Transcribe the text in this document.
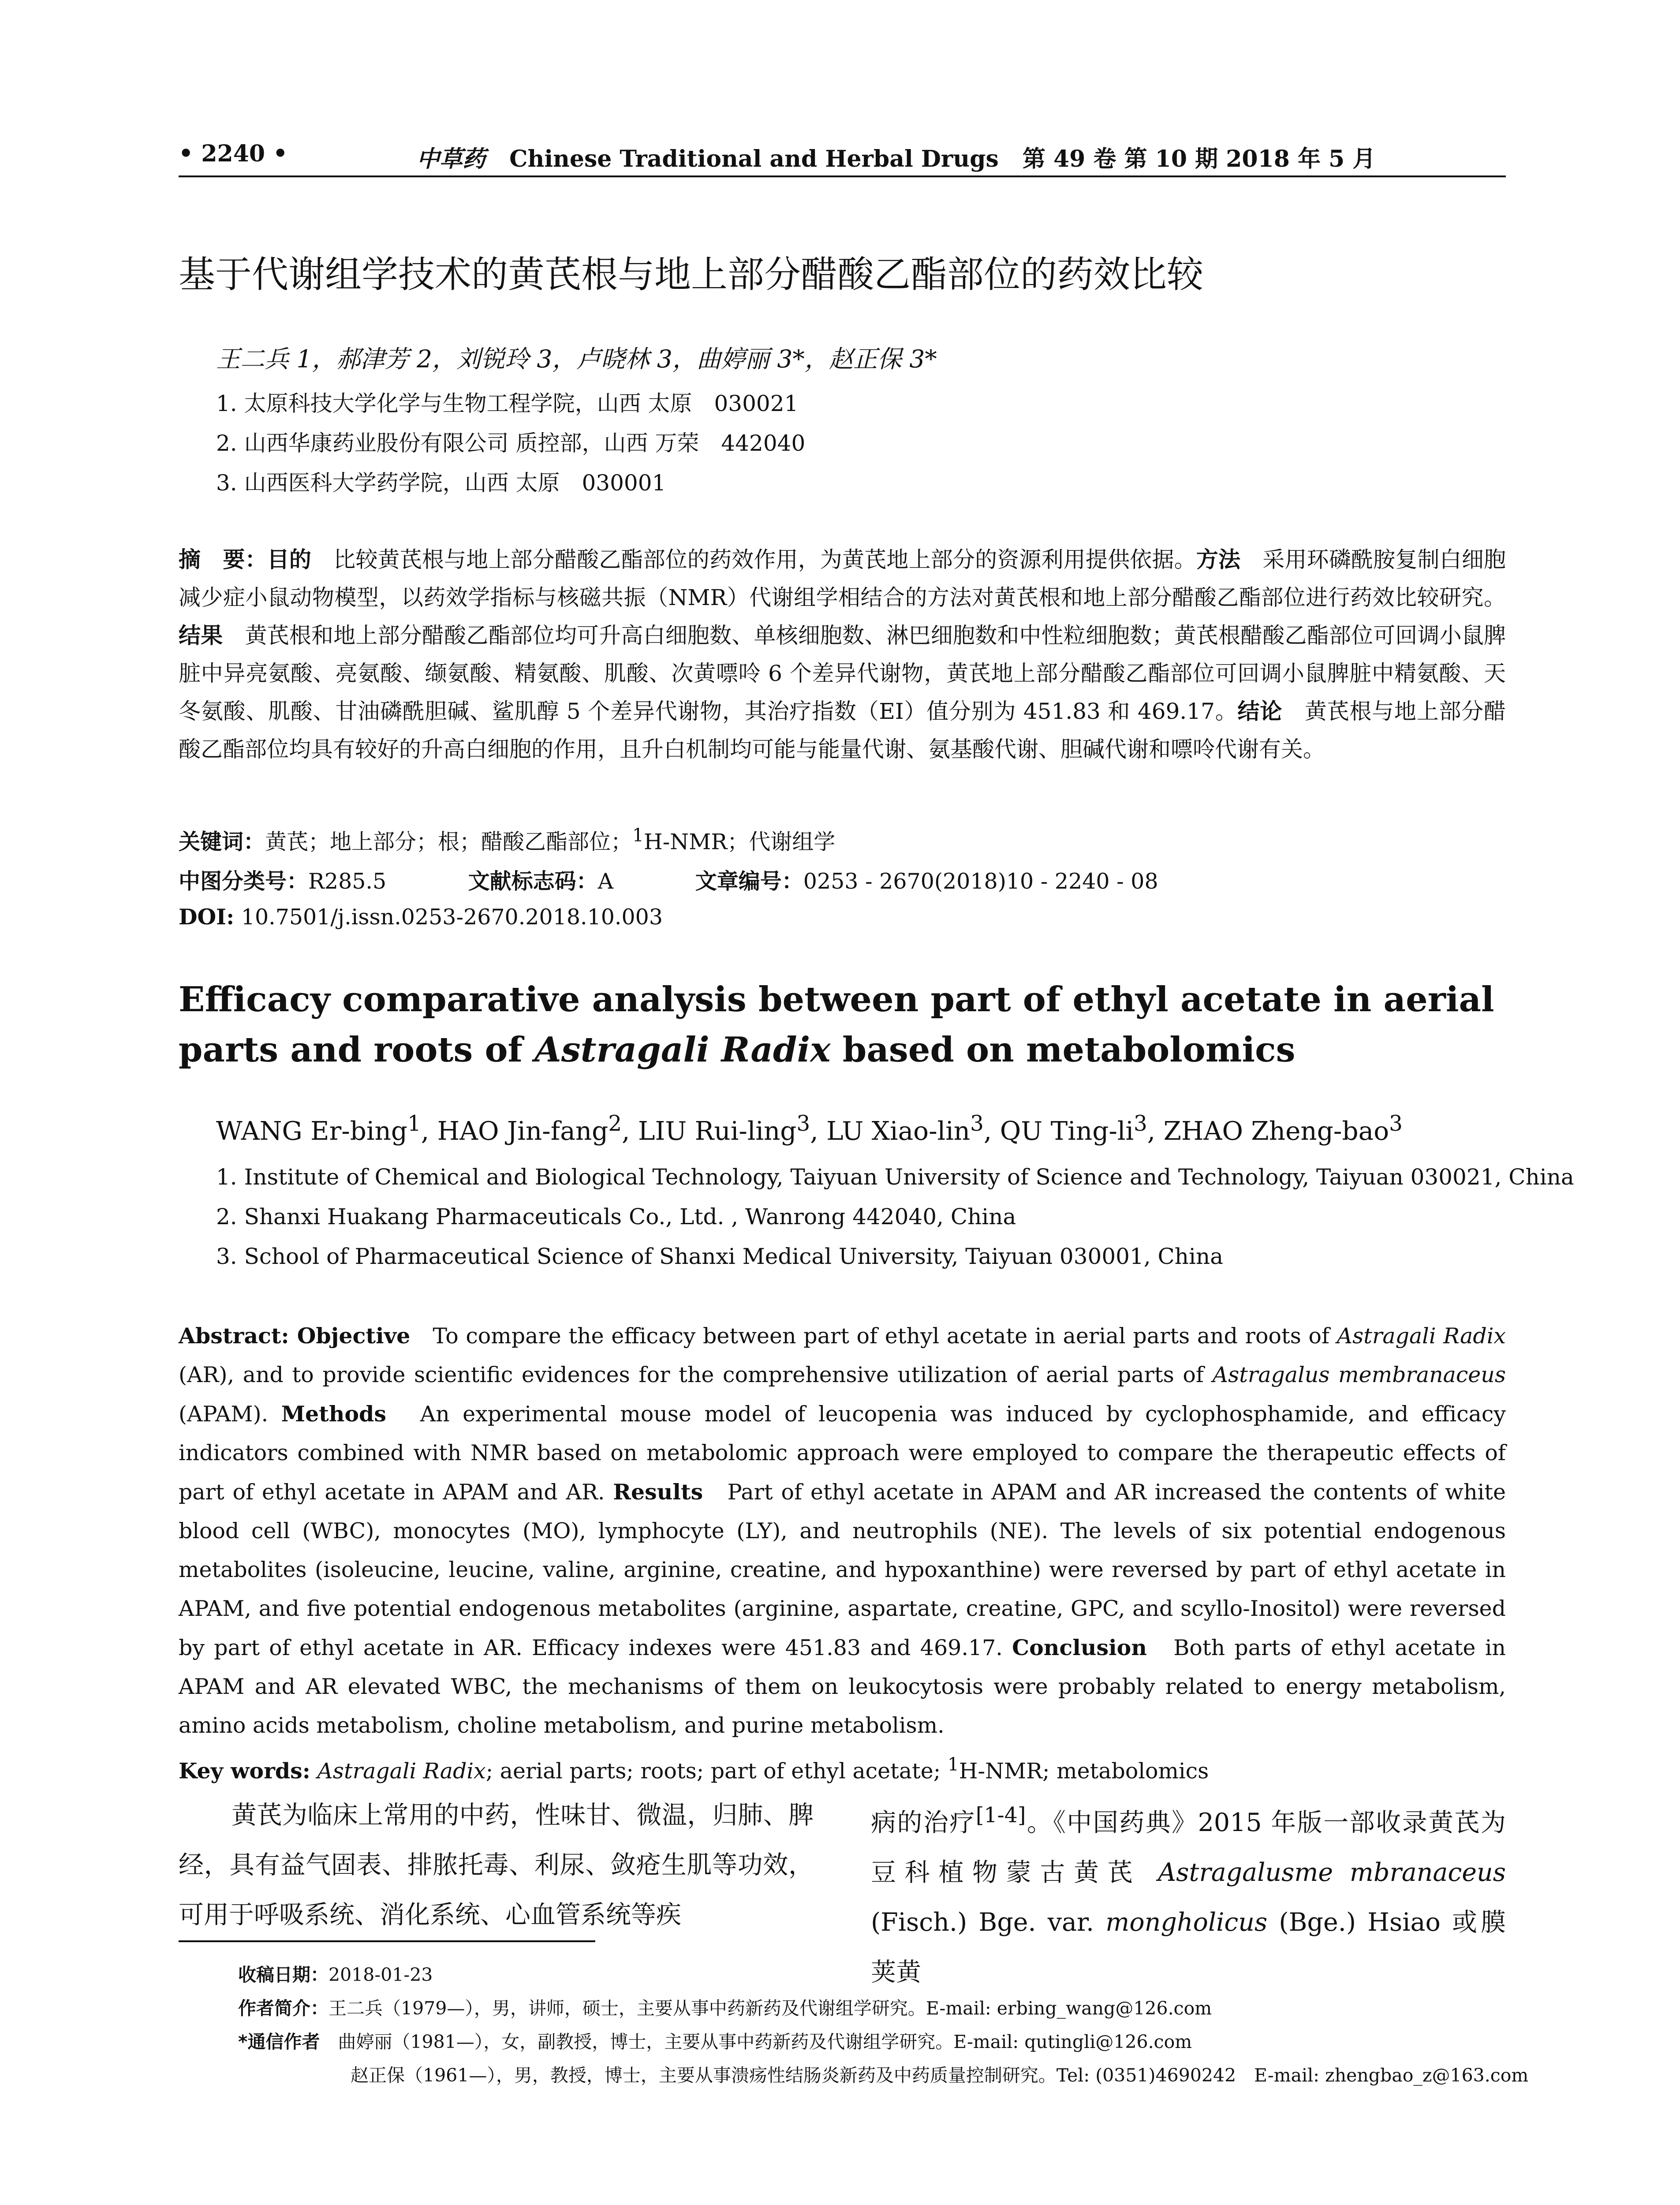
• 2240 •	中草药 Chinese Traditional and Herbal Drugs 第 49 卷 第 10 期 2018 年 5 月
基于代谢组学技术的黄芪根与地上部分醋酸乙酯部位的药效比较
王二兵 1，郝津芳 2，刘锐玲 3，卢晓林 3，曲婷丽 3*，赵正保 3*
1. 太原科技大学化学与生物工程学院，山西 太原　030021
2. 山西华康药业股份有限公司 质控部，山西 万荣　442040
3. 山西医科大学药学院，山西 太原　030001
摘　要：目的　比较黄芪根与地上部分醋酸乙酯部位的药效作用，为黄芪地上部分的资源利用提供依据。方法　采用环磷酰胺复制白细胞减少症小鼠动物模型，以药效学指标与核磁共振（NMR）代谢组学相结合的方法对黄芪根和地上部分醋酸乙酯部位进行药效比较研究。结果　黄芪根和地上部分醋酸乙酯部位均可升高白细胞数、单核细胞数、淋巴细胞数和中性粒细胞数；黄芪根醋酸乙酯部位可回调小鼠脾脏中异亮氨酸、亮氨酸、缬氨酸、精氨酸、肌酸、次黄嘌呤 6 个差异代谢物，黄芪地上部分醋酸乙酯部位可回调小鼠脾脏中精氨酸、天冬氨酸、肌酸、甘油磷酰胆碱、鲨肌醇 5 个差异代谢物，其治疗指数（EI）值分别为 451.83 和 469.17。结论　黄芪根与地上部分醋酸乙酯部位均具有较好的升高白细胞的作用，且升白机制均可能与能量代谢、氨基酸代谢、胆碱代谢和嘌呤代谢有关。
关键词：黄芪；地上部分；根；醋酸乙酯部位；$^1$H-NMR；代谢组学
中图分类号：R285.5	文献标志码：A	文章编号：0253 - 2670(2018)10 - 2240 - 08
DOI: 10.7501/j.issn.0253-2670.2018.10.003
Efficacy comparative analysis between part of ethyl acetate in aerial parts and roots of Astragali Radix based on metabolomics
WANG Er-bing$^1$, HAO Jin-fang$^2$, LIU Rui-ling$^3$, LU Xiao-lin$^3$, QU Ting-$li^3$, ZHAO Zheng-bao$^3$
1. Institute of Chemical and Biological Technology, Taiyuan University of Science and Technology, Taiyuan 030021, China
2. Shanxi Huakang Pharmaceuticals Co., Ltd. , Wanrong 442040, China
3. School of Pharmaceutical Science of Shanxi Medical University, Taiyuan 030001, China
Abstract: Objective　To compare the efficacy between part of ethyl acetate in aerial parts and roots of Astragali Radix (AR), and to provide scientific evidences for the comprehensive utilization of aerial parts of Astragalus membranaceus (APAM). Methods　An experimental mouse model of leucopenia was induced by cyclophosphamide, and efficacy indicators combined with NMR based on metabolomic approach were employed to compare the therapeutic effects of part of ethyl acetate in APAM and AR. Results　Part of ethyl acetate in APAM and AR increased the contents of white blood cell (WBC), monocytes (MO), lymphocyte (LY), and neutrophils (NE). The levels of six potential endogenous metabolites (isoleucine, leucine, valine, arginine, creatine, and hypoxanthine) were reversed by part of ethyl acetate in APAM, and five potential endogenous metabolites (arginine, aspartate, creatine, GPC, and scyllo-Inositol) were reversed by part of ethyl acetate in AR. Efficacy indexes were 451.83 and 469.17. Conclusion　Both parts of ethyl acetate in APAM and AR elevated WBC, the mechanisms of them on leukocytosis were probably related to energy metabolism, amino acids metabolism, choline metabolism, and purine metabolism.
Key words: Astragali Radix; aerial parts; roots; part of ethyl acetate; $^1$H-NMR; metabolomics
黄芪为临床上常用的中药，性味甘、微温，归肺、脾经，具有益气固表、排脓托毒、利尿、敛疮生肌等功效，可用于呼吸系统、消化系统、心血管系统等疾
病的治疗[1-4]。《中国药典》2015 年版一部收录黄芪为豆科植物蒙古黄芪 Astragalusme mbranaceus (Fisch.) Bge. var. mongholicus (Bge.) Hsiao 或膜荚黄
收稿日期：2018-01-23
作者简介：王二兵（1979—），男，讲师，硕士，主要从事中药新药及代谢组学研究。E-mail: erbing_wang@126.com
*通信作者　曲婷丽（1981—），女，副教授，博士，主要从事中药新药及代谢组学研究。E-mail: qutingli@126.com
赵正保（1961—），男，教授，博士，主要从事溃疡性结肠炎新药及中药质量控制研究。Tel: (0351)4690242　E-mail: zhengbao_z@163.com
